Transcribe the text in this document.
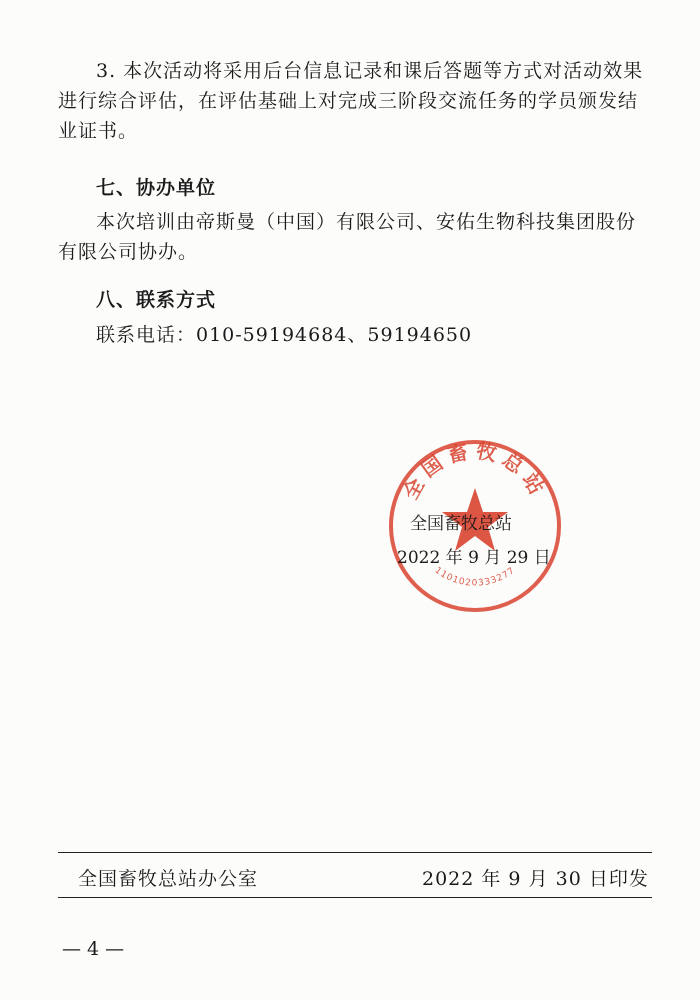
3. 本次活动将采用后台信息记录和课后答题等方式对活动效果进行综合评估，在评估基础上对完成三阶段交流任务的学员颁发结业证书。
七、协办单位
本次培训由帝斯曼（中国）有限公司、安佑生物科技集团股份有限公司协办。
八、联系方式
联系电话：010-59194684、59194650
全国畜牧总站
1101020333277
全国畜牧总站
2022 年 9 月 29 日
全国畜牧总站办公室	2022 年 9 月 30 日印发
— 4 —
